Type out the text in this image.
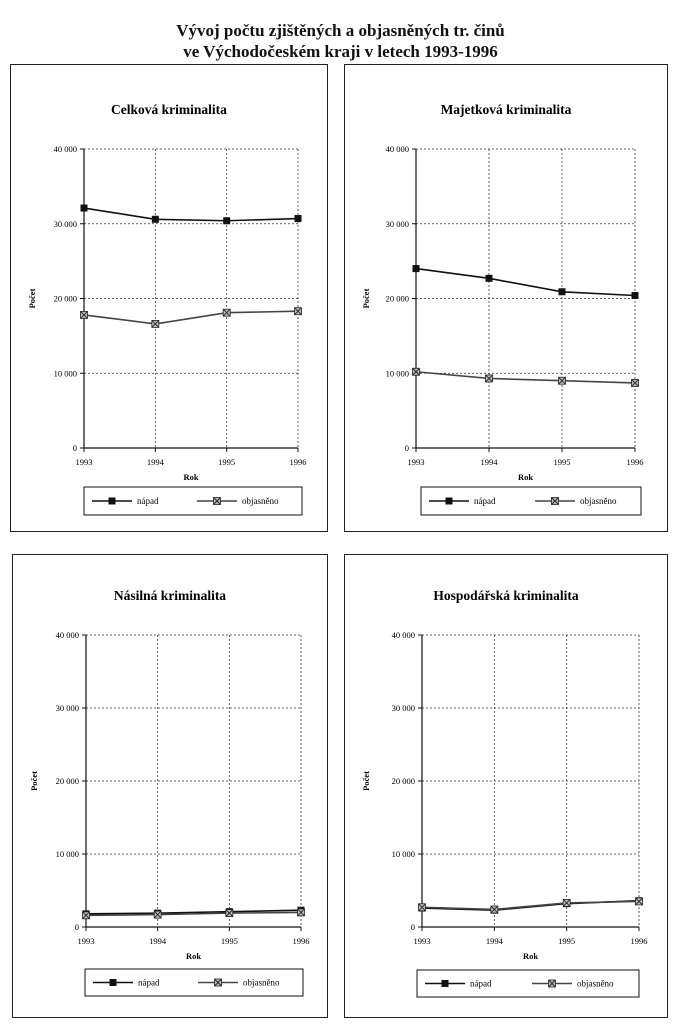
Vývoj počtu zjištěných a objasněných tr. činů
ve Východočeském kraji v letech 1993-1996
Celková kriminalita
0
10 000
20 000
30 000
40 000
1993	1994	1995	1996
Rok
Počet
nápad	objasněno
Majetková kriminalita
0
10 000
20 000
30 000
40 000
1993	1994	1995	1996
Rok
Počet
nápad	objasněno
Násilná kriminalita
0
10 000
20 000
30 000
40 000
1993	1994	1995	1996
Rok
Počet
nápad	objasněno
Hospodářská kriminalita
0
10 000
20 000
30 000
40 000
1993	1994	1995	1996
Rok
Počet
nápad	objasněno
